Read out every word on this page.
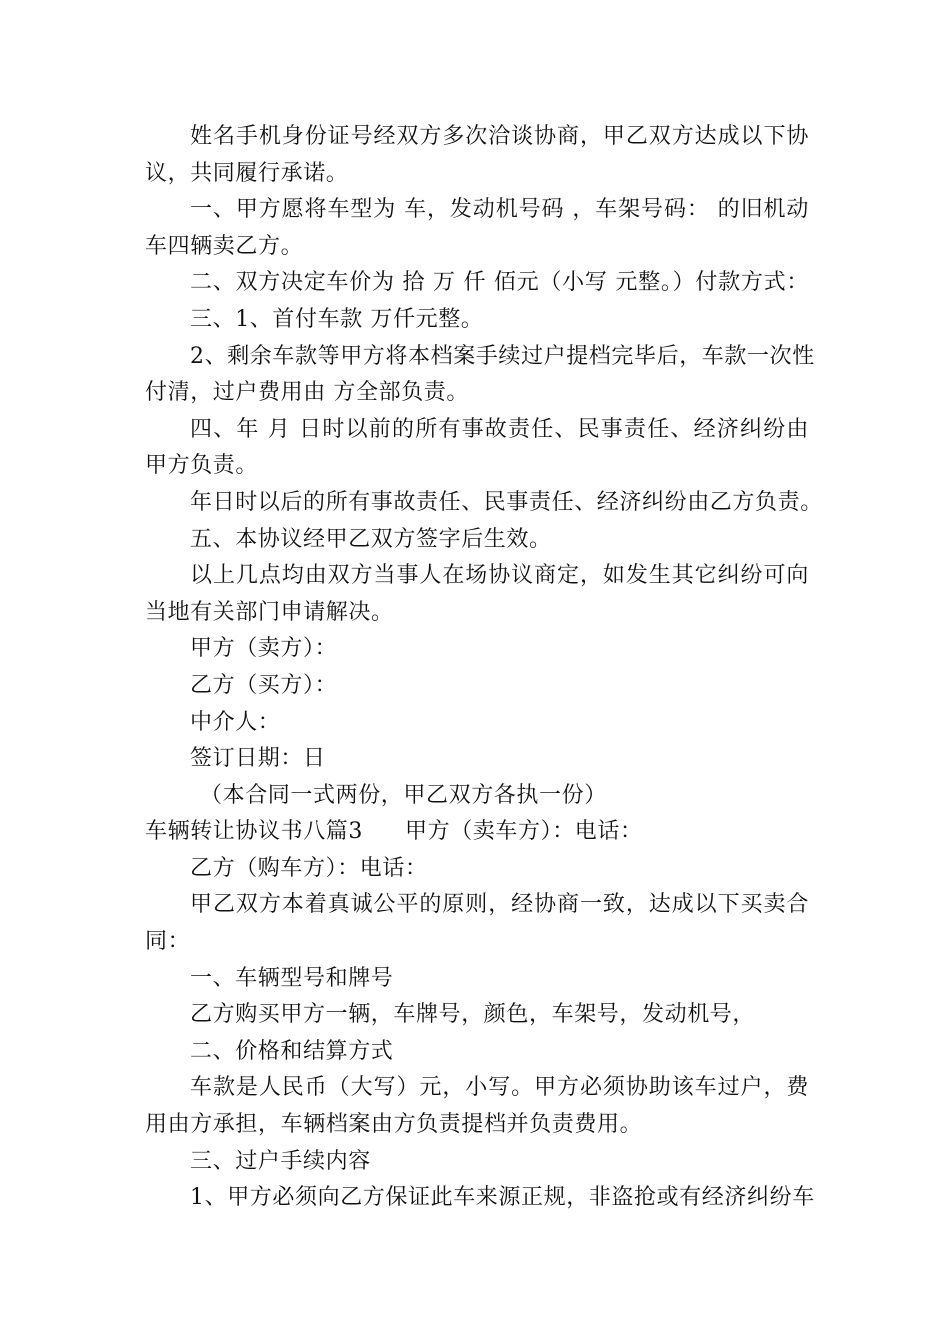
姓名手机身份证号经双方多次洽谈协商，甲乙双方达成以下协
议，共同履行承诺。
一、甲方愿将车型为 车，发动机号码 ，车架号码： 的旧机动
车四辆卖乙方。
二、双方决定车价为 拾 万 仟 佰元（小写 元整。）付款方式：
三、1、首付车款 万仟元整。
2、剩余车款等甲方将本档案手续过户提档完毕后，车款一次性
付清，过户费用由 方全部负责。
四、年 月 日时以前的所有事故责任、民事责任、经济纠纷由
甲方负责。
年日时以后的所有事故责任、民事责任、经济纠纷由乙方负责。
五、本协议经甲乙双方签字后生效。
以上几点均由双方当事人在场协议商定，如发生其它纠纷可向
当地有关部门申请解决。
甲方（卖方）：
乙方（买方）：
中介人：
签订日期：日
（本合同一式两份，甲乙双方各执一份）
车辆转让协议书八篇3 甲方（卖车方）：电话：
乙方（购车方）：电话：
甲乙双方本着真诚公平的原则，经协商一致，达成以下买卖合
同：
一、车辆型号和牌号
乙方购买甲方一辆，车牌号，颜色，车架号，发动机号，
二、价格和结算方式
车款是人民币（大写）元，小写。甲方必须协助该车过户，费
用由方承担，车辆档案由方负责提档并负责费用。
三、过户手续内容
1、甲方必须向乙方保证此车来源正规，非盗抢或有经济纠纷车
